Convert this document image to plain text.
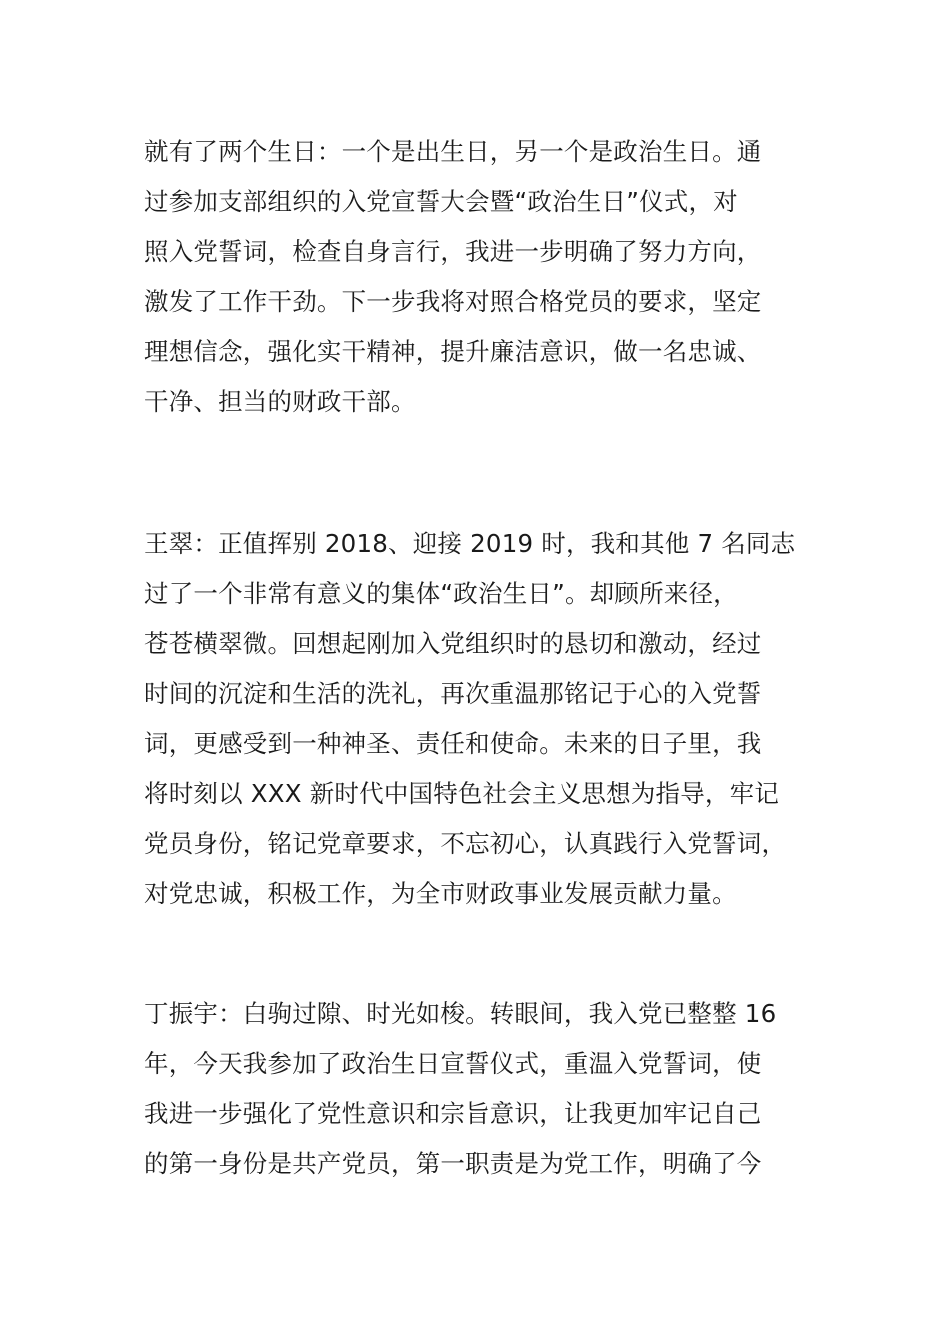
就有了两个生日：一个是出生日，另一个是政治生日。通
过参加支部组织的入党宣誓大会暨“政治生日”仪式，对
照入党誓词，检查自身言行，我进一步明确了努力方向，
激发了工作干劲。下一步我将对照合格党员的要求，坚定
理想信念，强化实干精神，提升廉洁意识，做一名忠诚、
干净、担当的财政干部。

王翠：正值挥别 2018、迎接 2019 时，我和其他 7 名同志
过了一个非常有意义的集体“政治生日”。却顾所来径，
苍苍横翠微。回想起刚加入党组织时的恳切和激动，经过
时间的沉淀和生活的洗礼，再次重温那铭记于心的入党誓
词，更感受到一种神圣、责任和使命。未来的日子里，我
将时刻以 XXX 新时代中国特色社会主义思想为指导，牢记
党员身份，铭记党章要求，不忘初心，认真践行入党誓词，
对党忠诚，积极工作，为全市财政事业发展贡献力量。

丁振宇：白驹过隙、时光如梭。转眼间，我入党已整整 16
年，今天我参加了政治生日宣誓仪式，重温入党誓词，使
我进一步强化了党性意识和宗旨意识，让我更加牢记自己
的第一身份是共产党员，第一职责是为党工作，明确了今
